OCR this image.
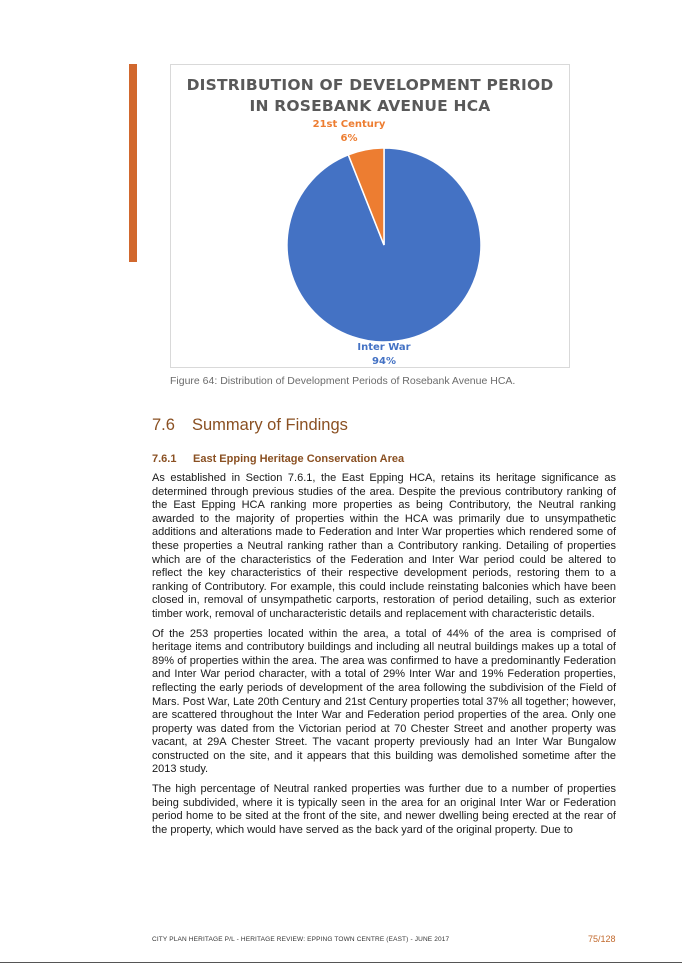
DISTRIBUTION OF DEVELOPMENT PERIOD
IN ROSEBANK AVENUE HCA
Inter War
94%
21st Century
6%
Figure 64: Distribution of Development Periods of Rosebank Avenue HCA.
7.6 Summary of Findings
7.6.1 East Epping Heritage Conservation Area

As established in Section 7.6.1, the East Epping HCA, retains its heritage significance as determined through previous studies of the area. Despite the previous contributory ranking of the East Epping HCA ranking more properties as being Contributory, the Neutral ranking awarded to the majority of properties within the HCA was primarily due to unsympathetic additions and alterations made to Federation and Inter War properties which rendered some of these properties a Neutral ranking rather than a Contributory ranking. Detailing of properties which are of the characteristics of the Federation and Inter War period could be altered to reflect the key characteristics of their respective development periods, restoring them to a ranking of Contributory. For example, this could include reinstating balconies which have been closed in, removal of unsympathetic carports, restoration of period detailing, such as exterior timber work, removal of uncharacteristic details and replacement with characteristic details.

Of the 253 properties located within the area, a total of 44% of the area is comprised of heritage items and contributory buildings and including all neutral buildings makes up a total of 89% of properties within the area. The area was confirmed to have a predominantly Federation and Inter War period character, with a total of 29% Inter War and 19% Federation properties, reflecting the early periods of development of the area following the subdivision of the Field of Mars. Post War, Late 20th Century and 21st Century properties total 37% all together; however, are scattered throughout the Inter War and Federation period properties of the area. Only one property was dated from the Victorian period at 70 Chester Street and another property was vacant, at 29A Chester Street. The vacant property previously had an Inter War Bungalow constructed on the site, and it appears that this building was demolished sometime after the 2013 study.

The high percentage of Neutral ranked properties was further due to a number of properties being subdivided, where it is typically seen in the area for an original Inter War or Federation period home to be sited at the front of the site, and newer dwelling being erected at the rear of the property, which would have served as the back yard of the original property. Due to

CITY PLAN HERITAGE P/L - HERITAGE REVIEW: EPPING TOWN CENTRE (EAST) - JUNE 2017	75/128
